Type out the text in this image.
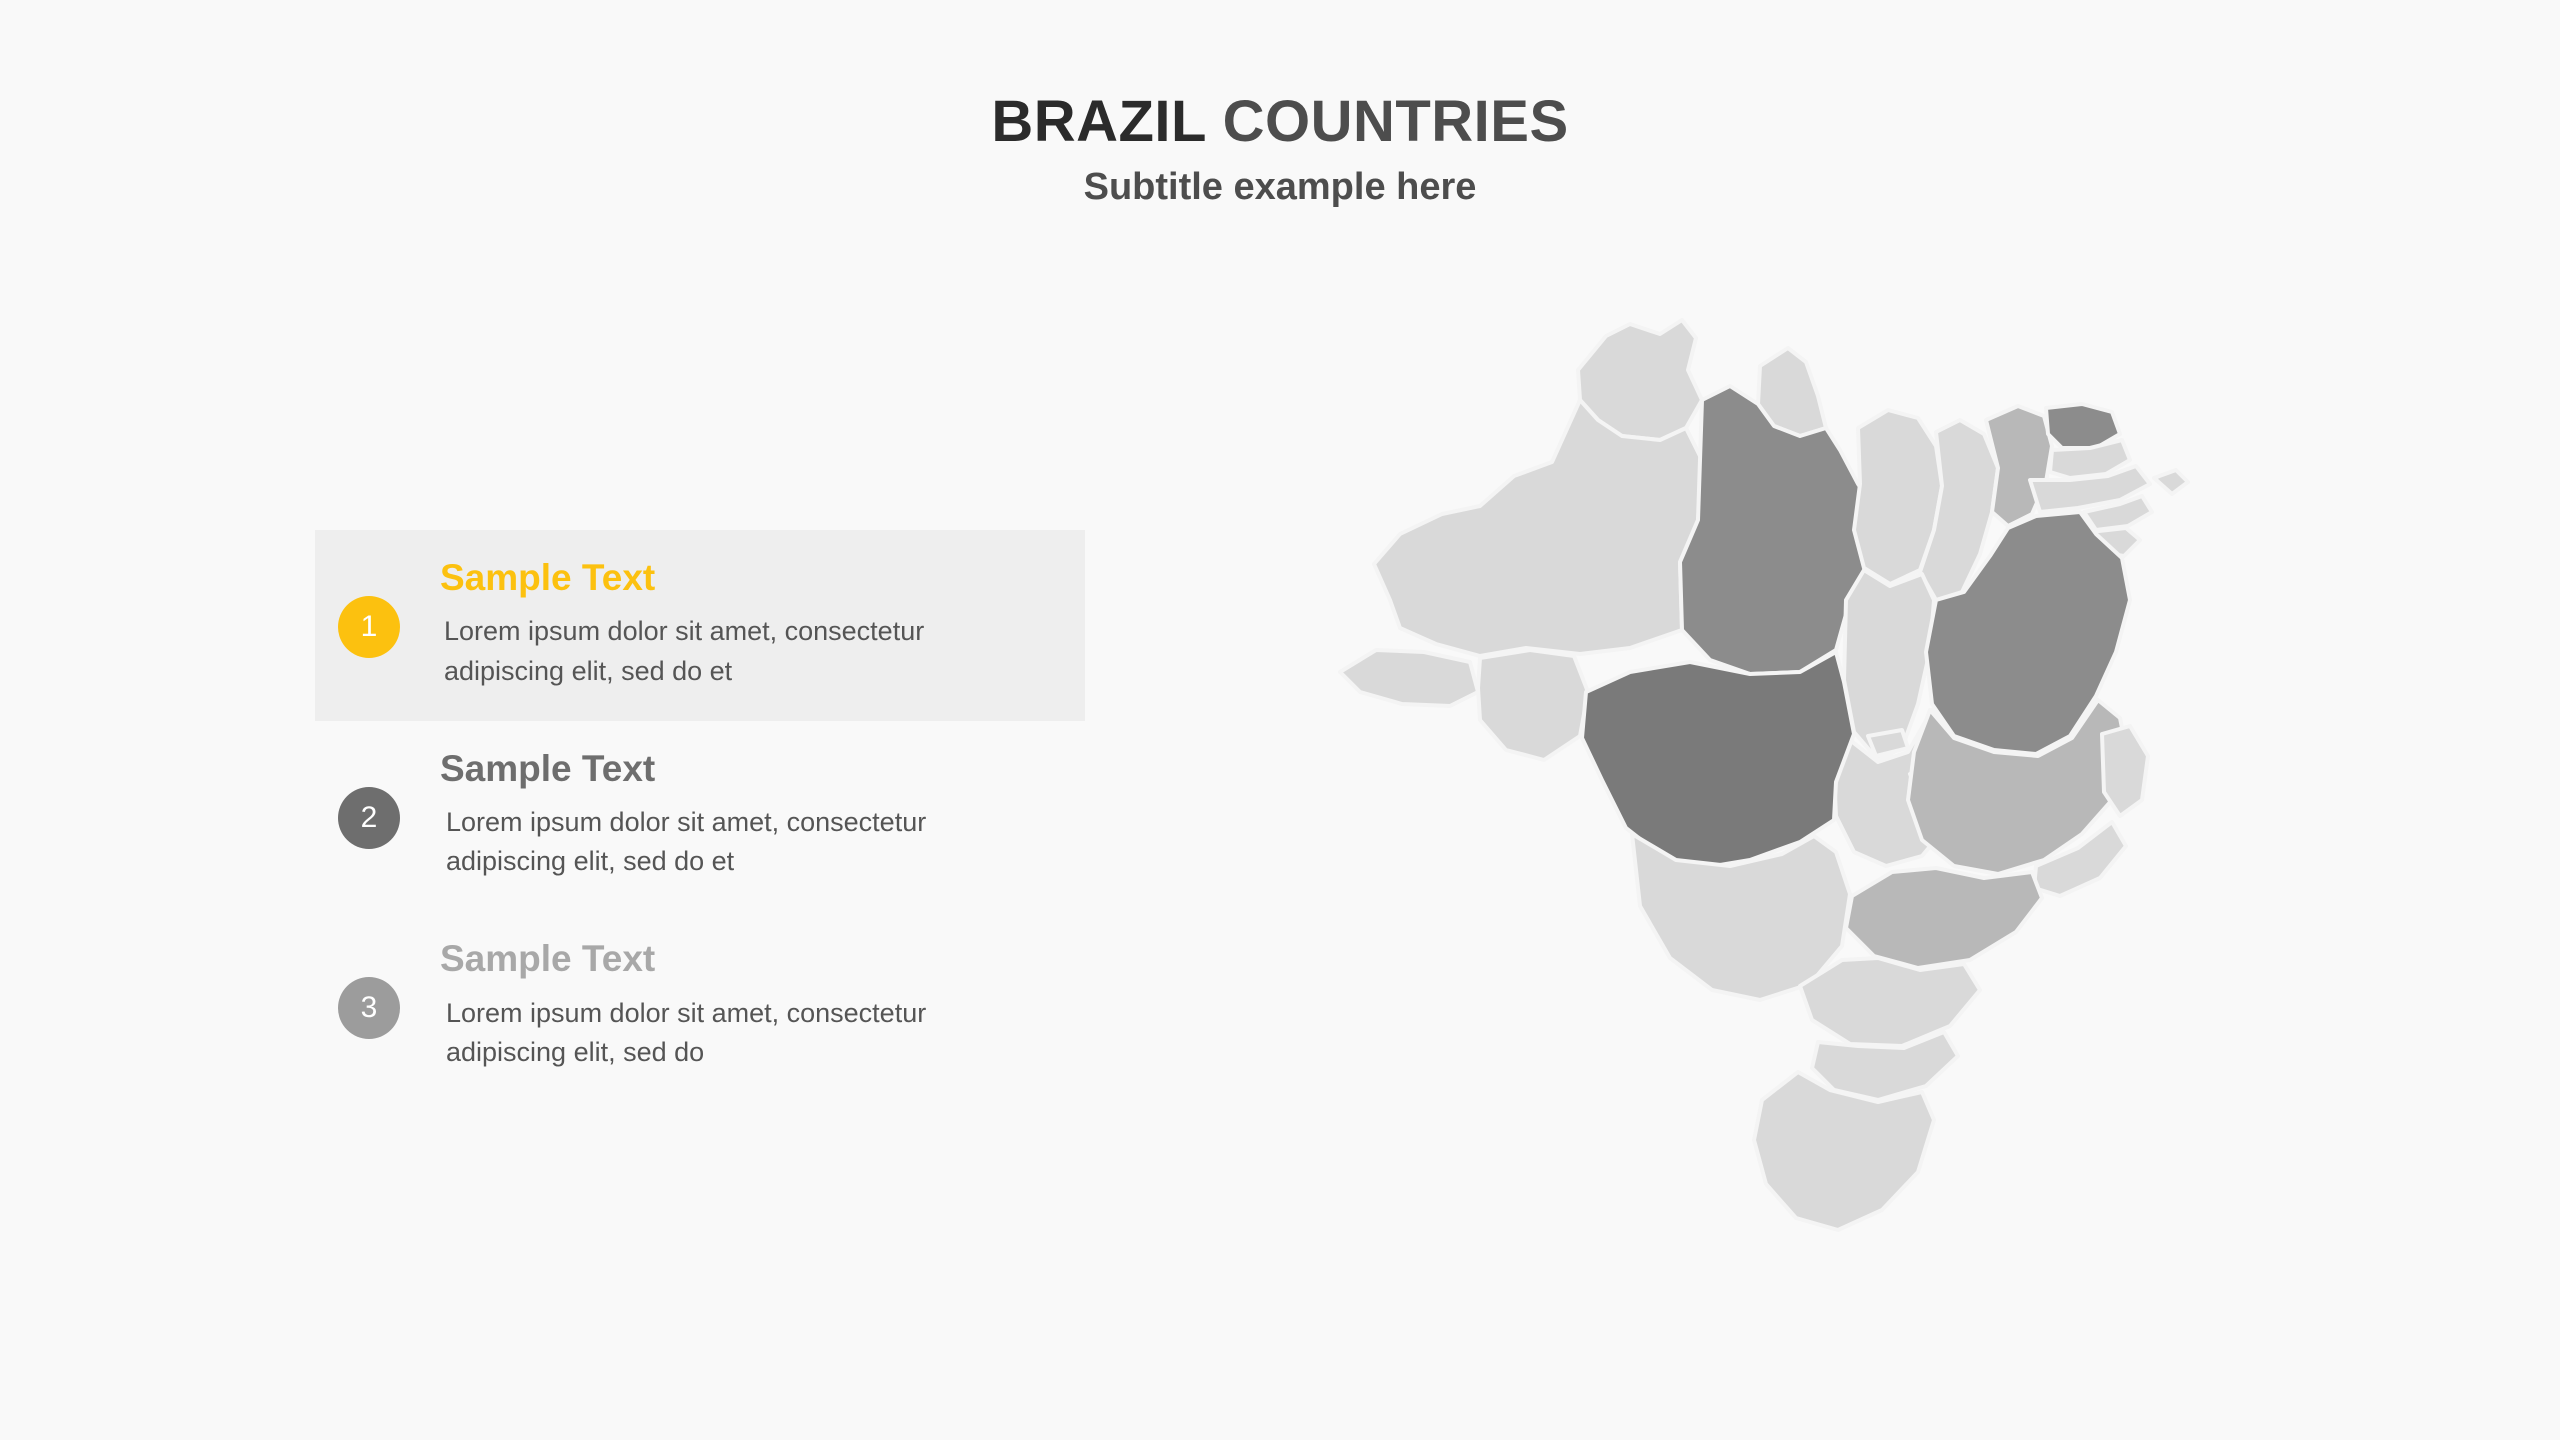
BRAZIL COUNTRIES
Subtitle example here
1
Sample Text
Lorem ipsum dolor sit amet, consectetur adipiscing elit, sed do et
2
Sample Text
Lorem ipsum dolor sit amet, consectetur adipiscing elit, sed do et
3
Sample Text
Lorem ipsum dolor sit amet, consectetur adipiscing elit, sed do
